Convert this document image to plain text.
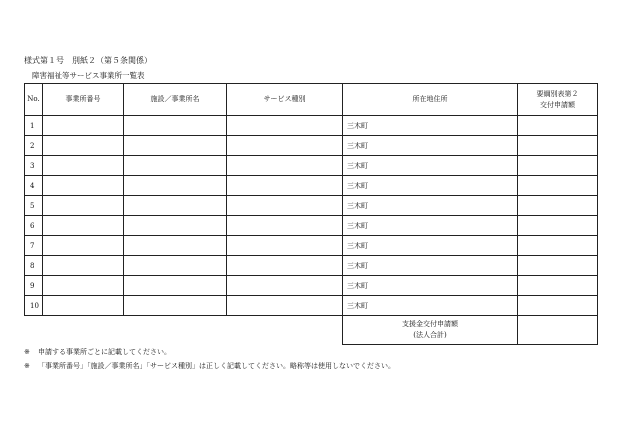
様式第１号　別紙２（第５条関係）
障害福祉等サービス事業所一覧表
No.	事業所番号	施設／事業所名	サービス種別	所在地住所	要綱別表第２
交付申請額

1				三木町	
2				三木町	
3				三木町	
4				三木町	
5				三木町	
6				三木町	
7				三木町	
8				三木町	
9				三木町	
10				三木町	

				支援金交付申請額
(法人合計)	

※ 申請する事業所ごとに記載してください。
※ 「事業所番号」「施設／事業所名」「サービス種別」は正しく記載してください。略称等は使用しないでください。
